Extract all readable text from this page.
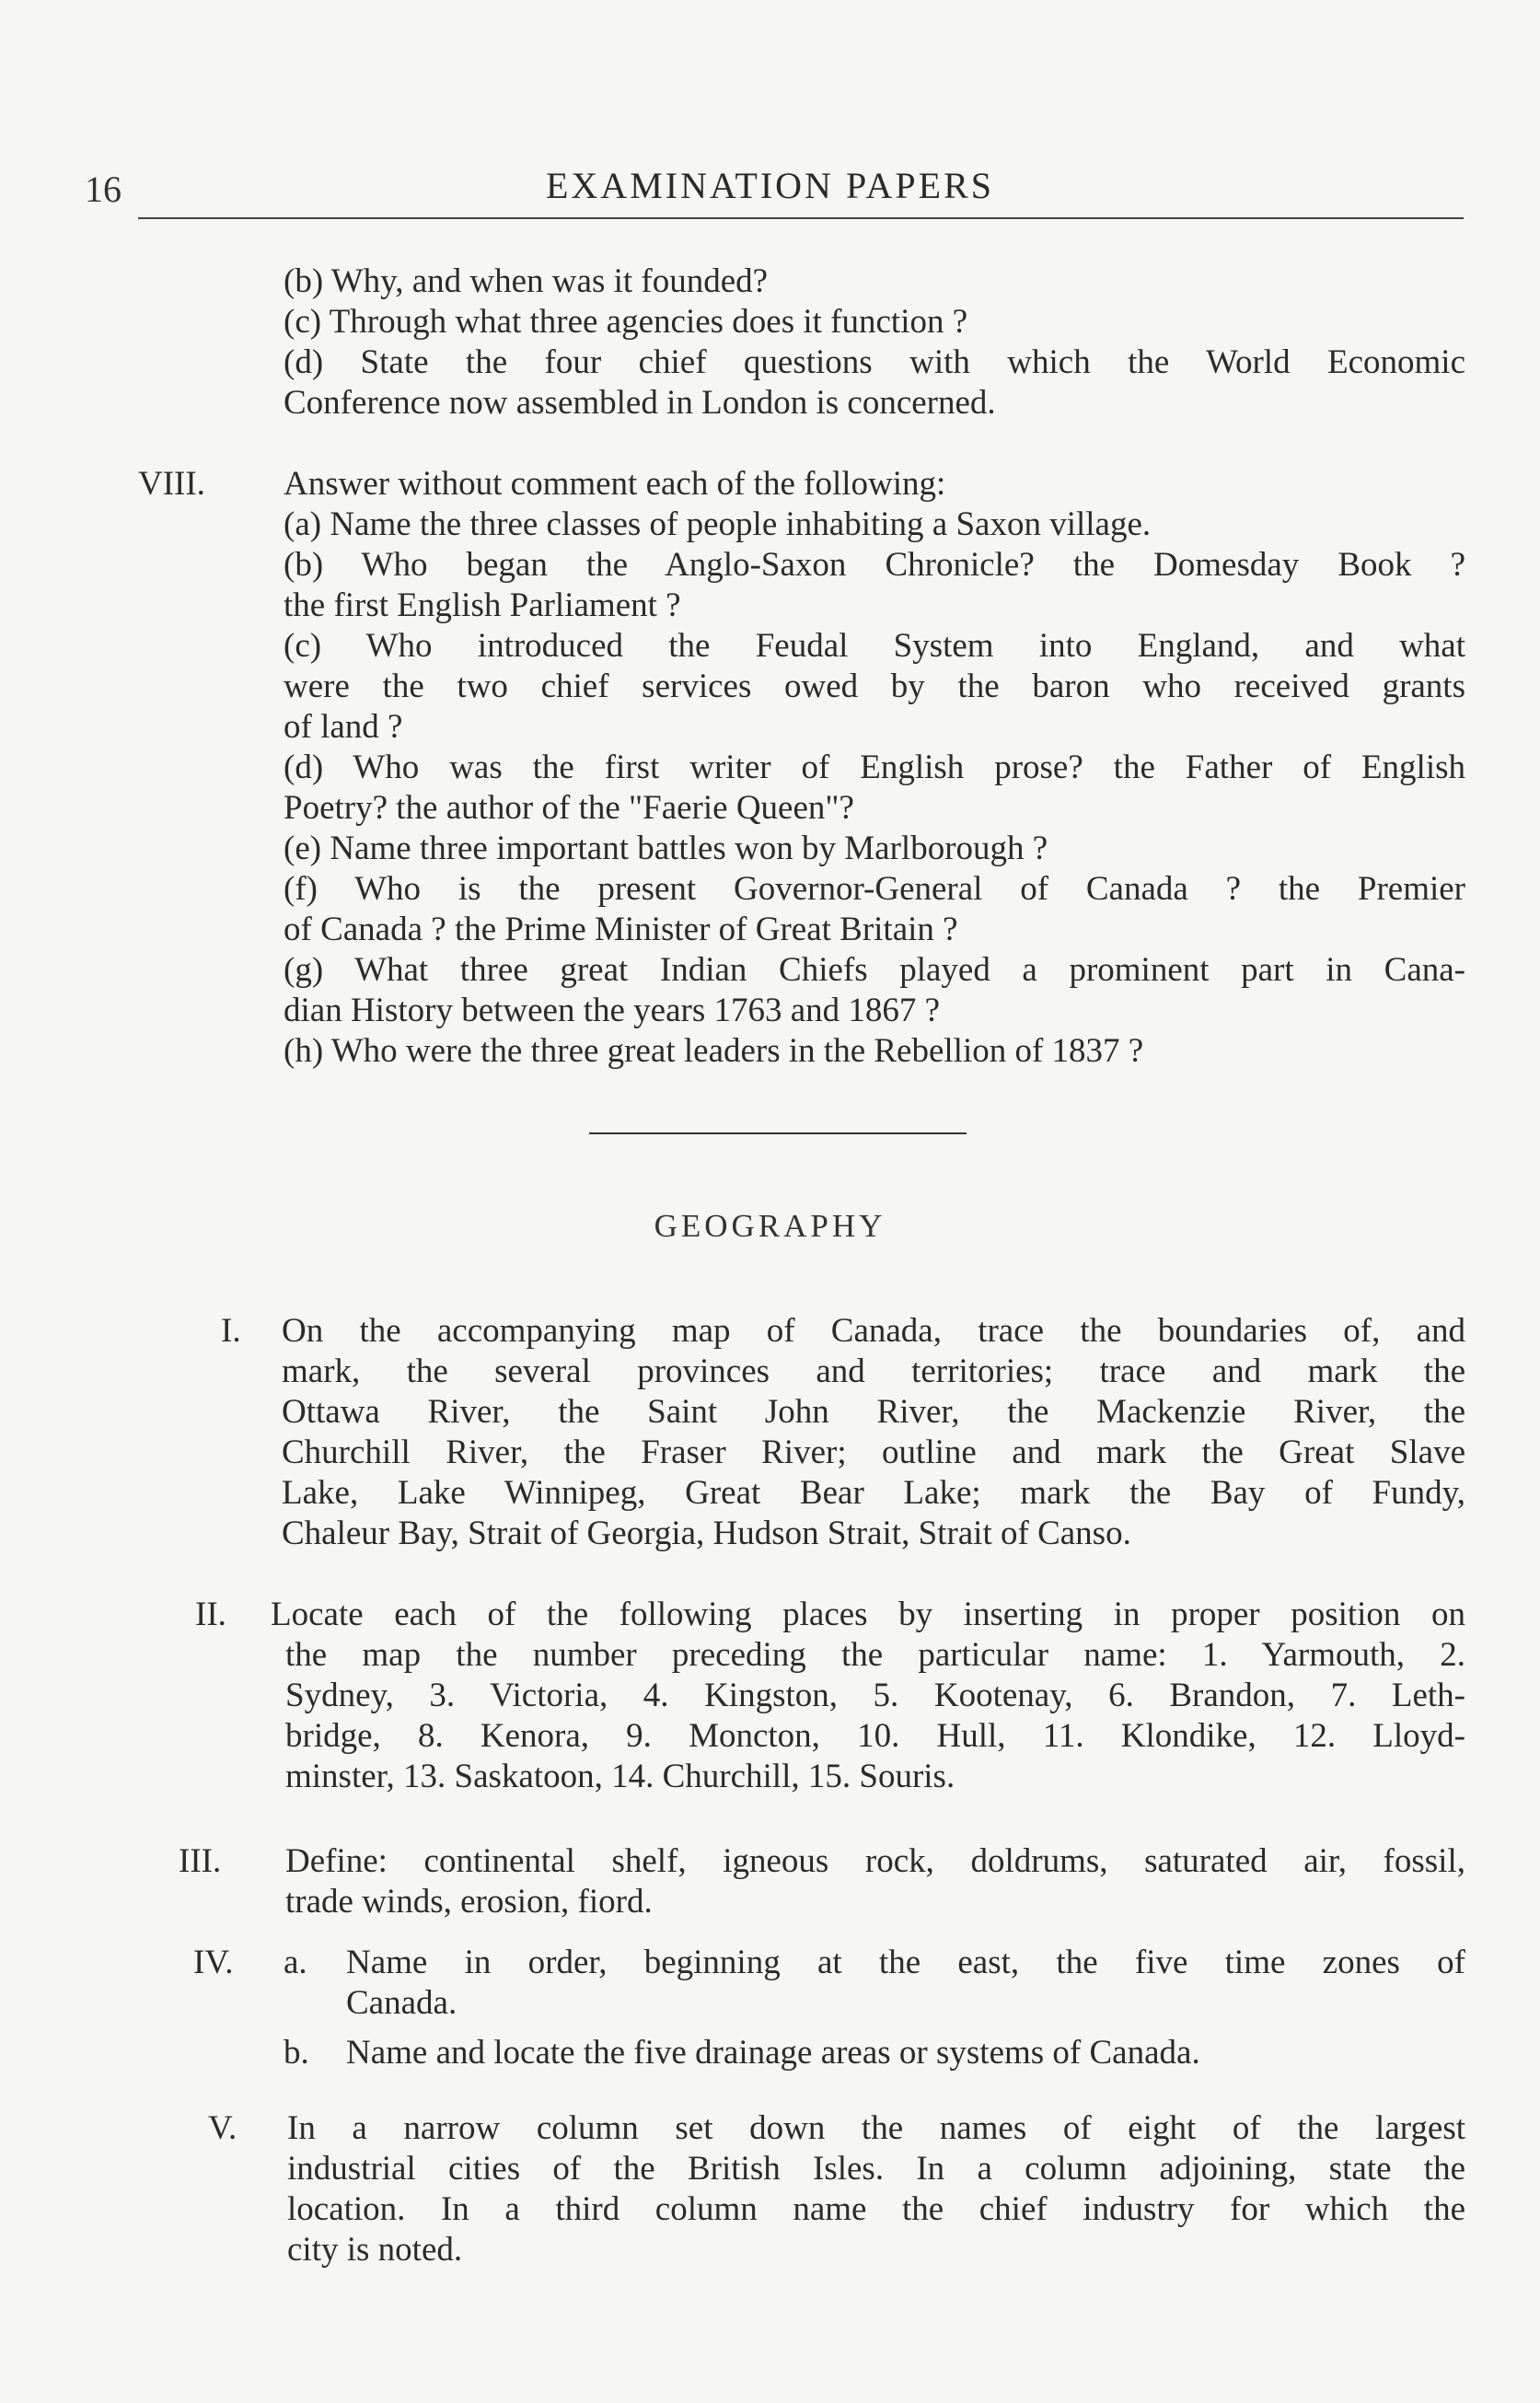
16	EXAMINATION PAPERS
(b) Why, and when was it founded?
(c) Through what three agencies does it function ?
(d) State the four chief questions with which the World Economic
Conference now assembled in London is concerned.
VIII. Answer without comment each of the following:
(a) Name the three classes of people inhabiting a Saxon village.
(b) Who began the Anglo-Saxon Chronicle? the Domesday Book ?
the first English Parliament ?
(c) Who introduced the Feudal System into England, and what
were the two chief services owed by the baron who received grants
of land ?
(d) Who was the first writer of English prose? the Father of English
Poetry? the author of the "Faerie Queen"?
(e) Name three important battles won by Marlborough ?
(f) Who is the present Governor-General of Canada ? the Premier
of Canada ? the Prime Minister of Great Britain ?
(g) What three great Indian Chiefs played a prominent part in Cana-
dian History between the years 1763 and 1867 ?
(h) Who were the three great leaders in the Rebellion of 1837 ?
GEOGRAPHY
I. On the accompanying map of Canada, trace the boundaries of, and
mark, the several provinces and territories; trace and mark the
Ottawa River, the Saint John River, the Mackenzie River, the
Churchill River, the Fraser River; outline and mark the Great Slave
Lake, Lake Winnipeg, Great Bear Lake; mark the Bay of Fundy,
Chaleur Bay, Strait of Georgia, Hudson Strait, Strait of Canso.
II. Locate each of the following places by inserting in proper position on
the map the number preceding the particular name: 1. Yarmouth, 2.
Sydney, 3. Victoria, 4. Kingston, 5. Kootenay, 6. Brandon, 7. Leth-
bridge, 8. Kenora, 9. Moncton, 10. Hull, 11. Klondike, 12. Lloyd-
minster, 13. Saskatoon, 14. Churchill, 15. Souris.
III. Define: continental shelf, igneous rock, doldrums, saturated air, fossil,
trade winds, erosion, fiord.
IV. a. Name in order, beginning at the east, the five time zones of
Canada.
b. Name and locate the five drainage areas or systems of Canada.
V. In a narrow column set down the names of eight of the largest
industrial cities of the British Isles. In a column adjoining, state the
location. In a third column name the chief industry for which the
city is noted.
